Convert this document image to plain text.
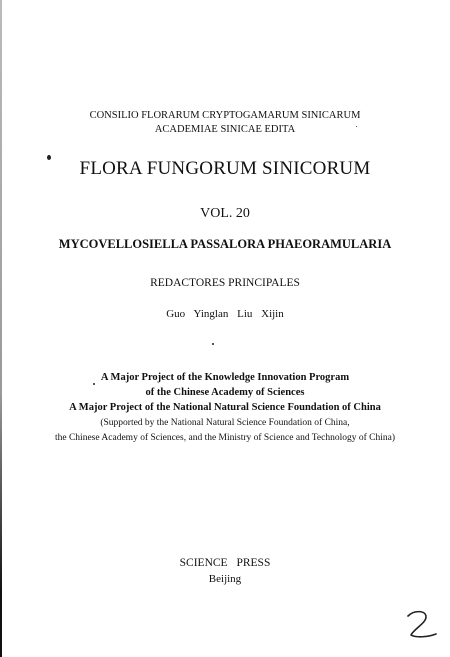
CONSILIO FLORARUM CRYPTOGAMARUM SINICARUM
ACADEMIAE SINICAE EDITA
FLORA FUNGORUM SINICORUM
VOL. 20
MYCOVELLOSIELLA PASSALORA PHAEORAMULARIA
REDACTORES PRINCIPALES
Guo Yinglan Liu Xijin
A Major Project of the Knowledge Innovation Program
of the Chinese Academy of Sciences
A Major Project of the National Natural Science Foundation of China
(Supported by the National Natural Science Foundation of China,
the Chinese Academy of Sciences, and the Ministry of Science and Technology of China)
SCIENCE PRESS
Beijing
